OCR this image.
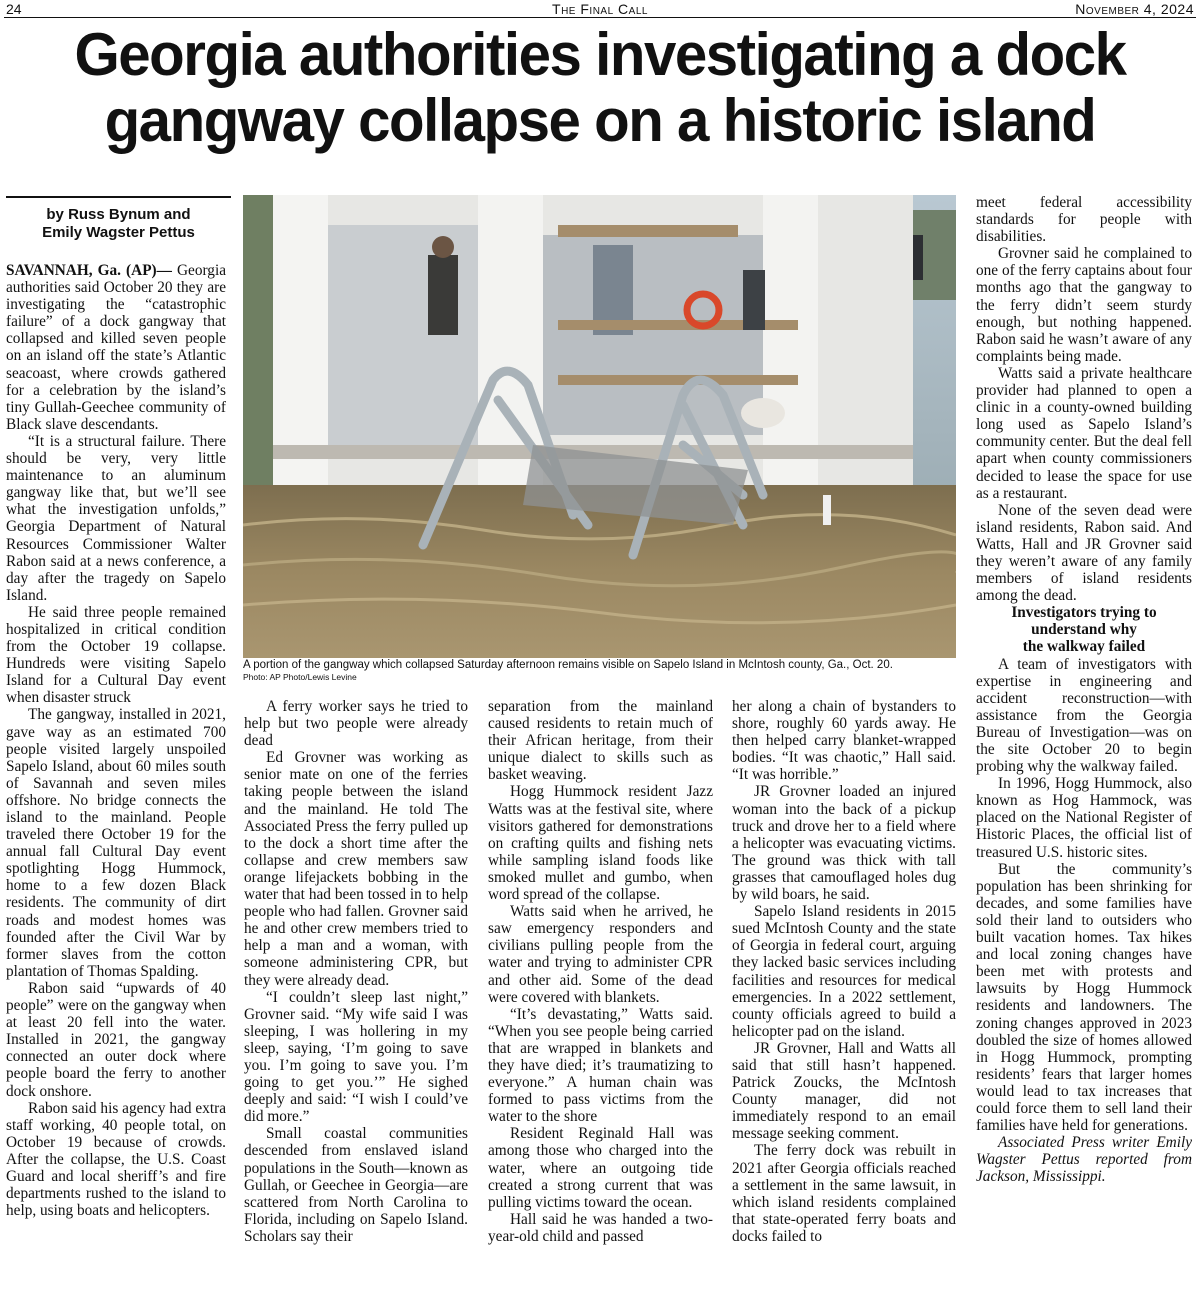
24	The Final Call	November 4, 2024
Georgia authorities investigating a dock
gangway collapse on a historic island
by Russ Bynum and
Emily Wagster Pettus
A portion of the gangway which collapsed Saturday afternoon remains visible on Sapelo Island in McIntosh county, Ga., Oct. 20.
Photo: AP Photo/Lewis Levine

SAVANNAH, Ga. (AP)— Georgia authorities said October 20 they are investigating the “catastrophic failure” of a dock gangway that collapsed and killed seven people on an island off the state’s Atlantic seacoast, where crowds gathered for a celebration by the island’s tiny Gullah-Geechee community of Black slave descendants.

“It is a structural failure. There should be very, very little maintenance to an aluminum gangway like that, but we’ll see what the investigation unfolds,” Georgia Department of Natural Resources Commissioner Walter Rabon said at a news conference, a day after the tragedy on Sapelo Island.

He said three people remained hospitalized in critical condition from the October 19 collapse. Hundreds were visiting Sapelo Island for a Cultural Day event when disaster struck

The gangway, installed in 2021, gave way as an estimated 700 people visited largely unspoiled Sapelo Island, about 60 miles south of Savannah and seven miles offshore. No bridge connects the island to the mainland. People traveled there October 19 for the annual fall Cultural Day event spotlighting Hogg Hummock, home to a few dozen Black residents. The community of dirt roads and modest homes was founded after the Civil War by former slaves from the cotton plantation of Thomas Spalding.

Rabon said “upwards of 40 people” were on the gangway when at least 20 fell into the water. Installed in 2021, the gangway connected an outer dock where people board the ferry to another dock onshore.

Rabon said his agency had extra staff working, 40 people total, on October 19 because of crowds. After the collapse, the U.S. Coast Guard and local sheriff’s and fire departments rushed to the island to help, using boats and helicopters.

A ferry worker says he tried to help but two people were already dead

Ed Grovner was working as senior mate on one of the ferries taking people between the island and the mainland. He told The Associated Press the ferry pulled up to the dock a short time after the collapse and crew members saw orange lifejackets bobbing in the water that had been tossed in to help people who had fallen. Grovner said he and other crew members tried to help a man and a woman, with someone administering CPR, but they were already dead.

“I couldn’t sleep last night,” Grovner said. “My wife said I was sleeping, I was hollering in my sleep, saying, ‘I’m going to save you. I’m going to save you. I’m going to get you.’” He sighed deeply and said: “I wish I could’ve did more.”

Small coastal communities descended from enslaved island populations in the South—known as Gullah, or Geechee in Georgia—are scattered from North Carolina to Florida, including on Sapelo Island. Scholars say their

separation from the mainland caused residents to retain much of their African heritage, from their unique dialect to skills such as basket weaving.

Hogg Hummock resident Jazz Watts was at the festival site, where visitors gathered for demonstrations on crafting quilts and fishing nets while sampling island foods like smoked mullet and gumbo, when word spread of the collapse.

Watts said when he arrived, he saw emergency responders and civilians pulling people from the water and trying to administer CPR and other aid. Some of the dead were covered with blankets.

“It’s devastating,” Watts said. “When you see people being carried that are wrapped in blankets and they have died; it’s traumatizing to everyone.” A human chain was formed to pass victims from the water to the shore

Resident Reginald Hall was among those who charged into the water, where an outgoing tide created a strong current that was pulling victims toward the ocean.

Hall said he was handed a two-year-old child and passed

her along a chain of bystanders to shore, roughly 60 yards away. He then helped carry blanket-wrapped bodies. “It was chaotic,” Hall said. “It was horrible.”

JR Grovner loaded an injured woman into the back of a pickup truck and drove her to a field where a helicopter was evacuating victims. The ground was thick with tall grasses that camouflaged holes dug by wild boars, he said.

Sapelo Island residents in 2015 sued McIntosh County and the state of Georgia in federal court, arguing they lacked basic services including facilities and resources for medical emergencies. In a 2022 settlement, county officials agreed to build a helicopter pad on the island.

JR Grovner, Hall and Watts all said that still hasn’t happened. Patrick Zoucks, the McIntosh County manager, did not immediately respond to an email message seeking comment.

The ferry dock was rebuilt in 2021 after Georgia officials reached a settlement in the same lawsuit, in which island residents complained that state-operated ferry boats and docks failed to

meet federal accessibility standards for people with disabilities.

Grovner said he complained to one of the ferry captains about four months ago that the gangway to the ferry didn’t seem sturdy enough, but nothing happened. Rabon said he wasn’t aware of any complaints being made.

Watts said a private healthcare provider had planned to open a clinic in a county-owned building long used as Sapelo Island’s community center. But the deal fell apart when county commissioners decided to lease the space for use as a restaurant.

None of the seven dead were island residents, Rabon said. And Watts, Hall and JR Grovner said they weren’t aware of any family members of island residents among the dead.

Investigators trying to
understand why
the walkway failed

A team of investigators with expertise in engineering and accident reconstruction—with assistance from the Georgia Bureau of Investigation—was on the site October 20 to begin probing why the walkway failed.

In 1996, Hogg Hummock, also known as Hog Hammock, was placed on the National Register of Historic Places, the official list of treasured U.S. historic sites.

But the community’s population has been shrinking for decades, and some families have sold their land to outsiders who built vacation homes. Tax hikes and local zoning changes have been met with protests and lawsuits by Hogg Hummock residents and landowners. The zoning changes approved in 2023 doubled the size of homes allowed in Hogg Hummock, prompting residents’ fears that larger homes would lead to tax increases that could force them to sell land their families have held for generations.

Associated Press writer Emily Wagster Pettus reported from Jackson, Mississippi.
